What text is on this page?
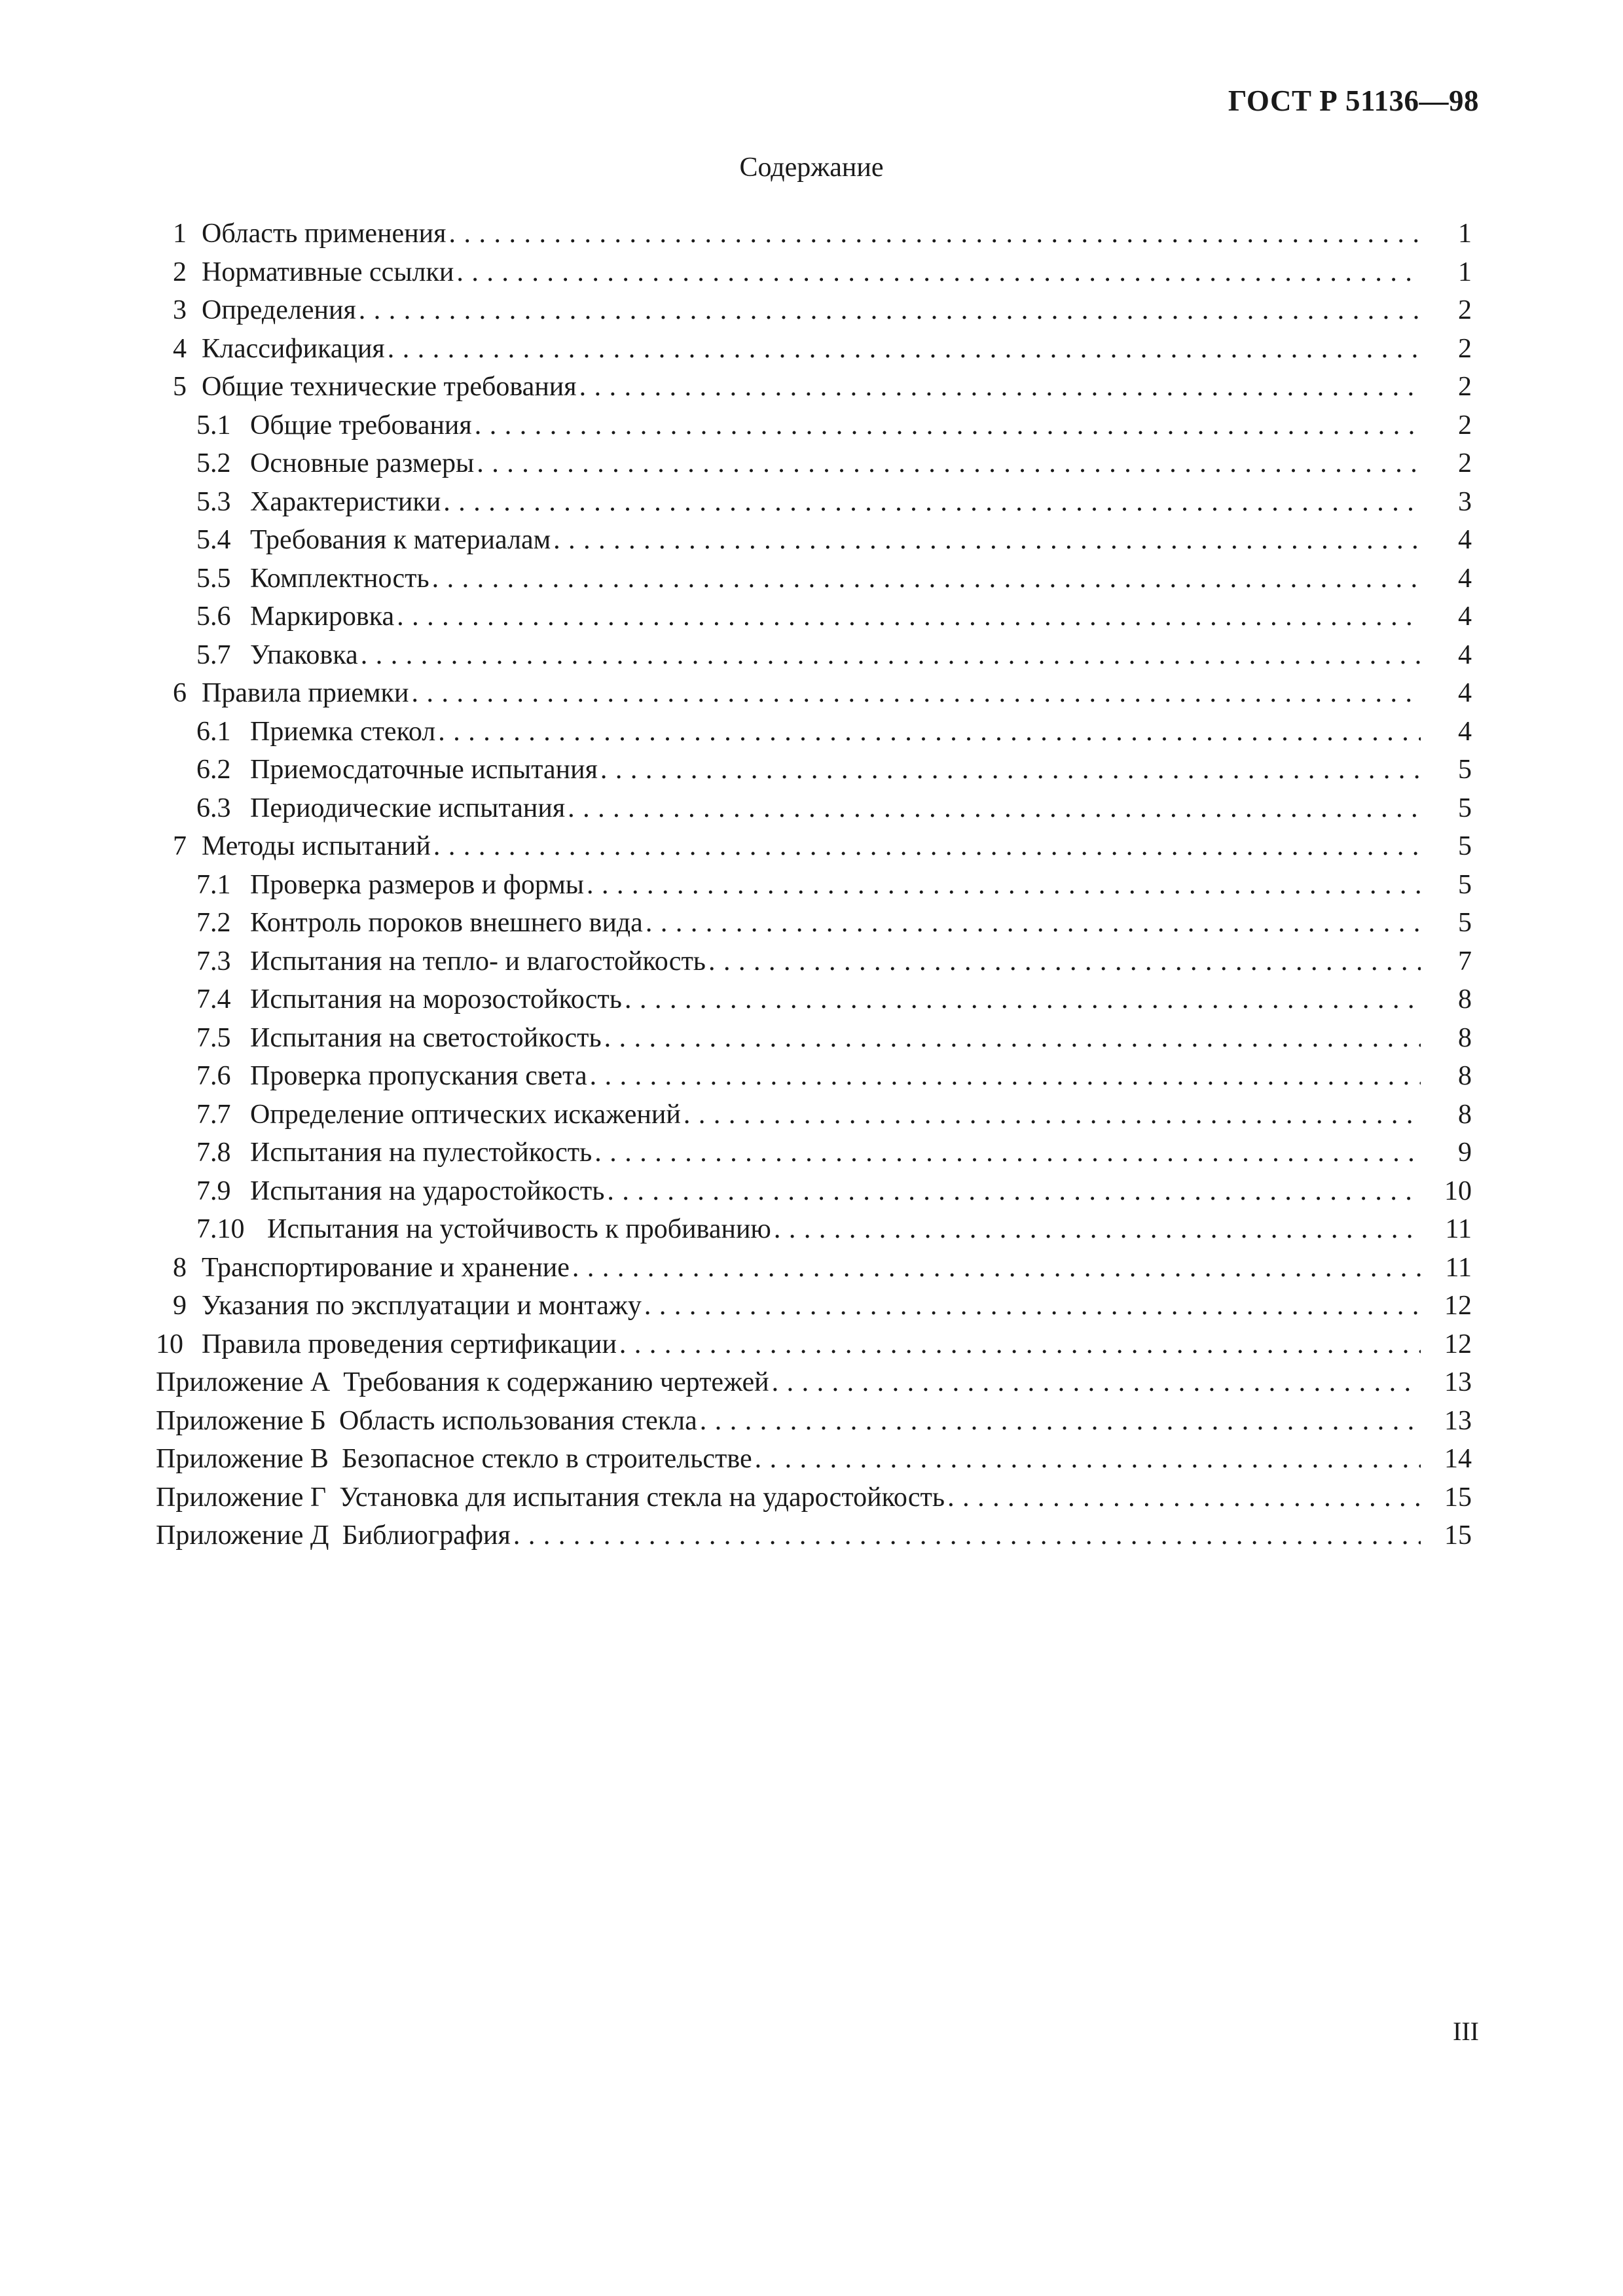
ГОСТ Р 51136—98
Содержание
1 Область применения . . .	1
2 Нормативные ссылки . . .	1
3 Определения . . .	2
4 Классификация . . .	2
5 Общие технические требования . . .	2
5.1 Общие требования . . .	2
5.2 Основные размеры . . .	2
5.3 Характеристики . . .	3
5.4 Требования к материалам . . .	4
5.5 Комплектность . . .	4
5.6 Маркировка . . .	4
5.7 Упаковка . . .	4
6 Правила приемки . . .	4
6.1 Приемка стекол . . .	4
6.2 Приемосдаточные испытания . . .	5
6.3 Периодические испытания . . .	5
7 Методы испытаний . . .	5
7.1 Проверка размеров и формы . . .	5
7.2 Контроль пороков внешнего вида . . .	5
7.3 Испытания на тепло- и влагостойкость . . .	7
7.4 Испытания на морозостойкость . . .	8
7.5 Испытания на светостойкость . . .	8
7.6 Проверка пропускания света . . .	8
7.7 Определение оптических искажений . . .	8
7.8 Испытания на пулестойкость . . .	9
7.9 Испытания на ударостойкость . . .	10
7.10 Испытания на устойчивость к пробиванию . . .	11
8 Транспортирование и хранение . . .	11
9 Указания по эксплуатации и монтажу . . .	12
10 Правила проведения сертификации . . .	12
Приложение А Требования к содержанию чертежей . . .	13
Приложение Б Область использования стекла . . .	13
Приложение В Безопасное стекло в строительстве . . .	14
Приложение Г Установка для испытания стекла на ударостойкость . . .	15
Приложение Д Библиография . . .	15
III
